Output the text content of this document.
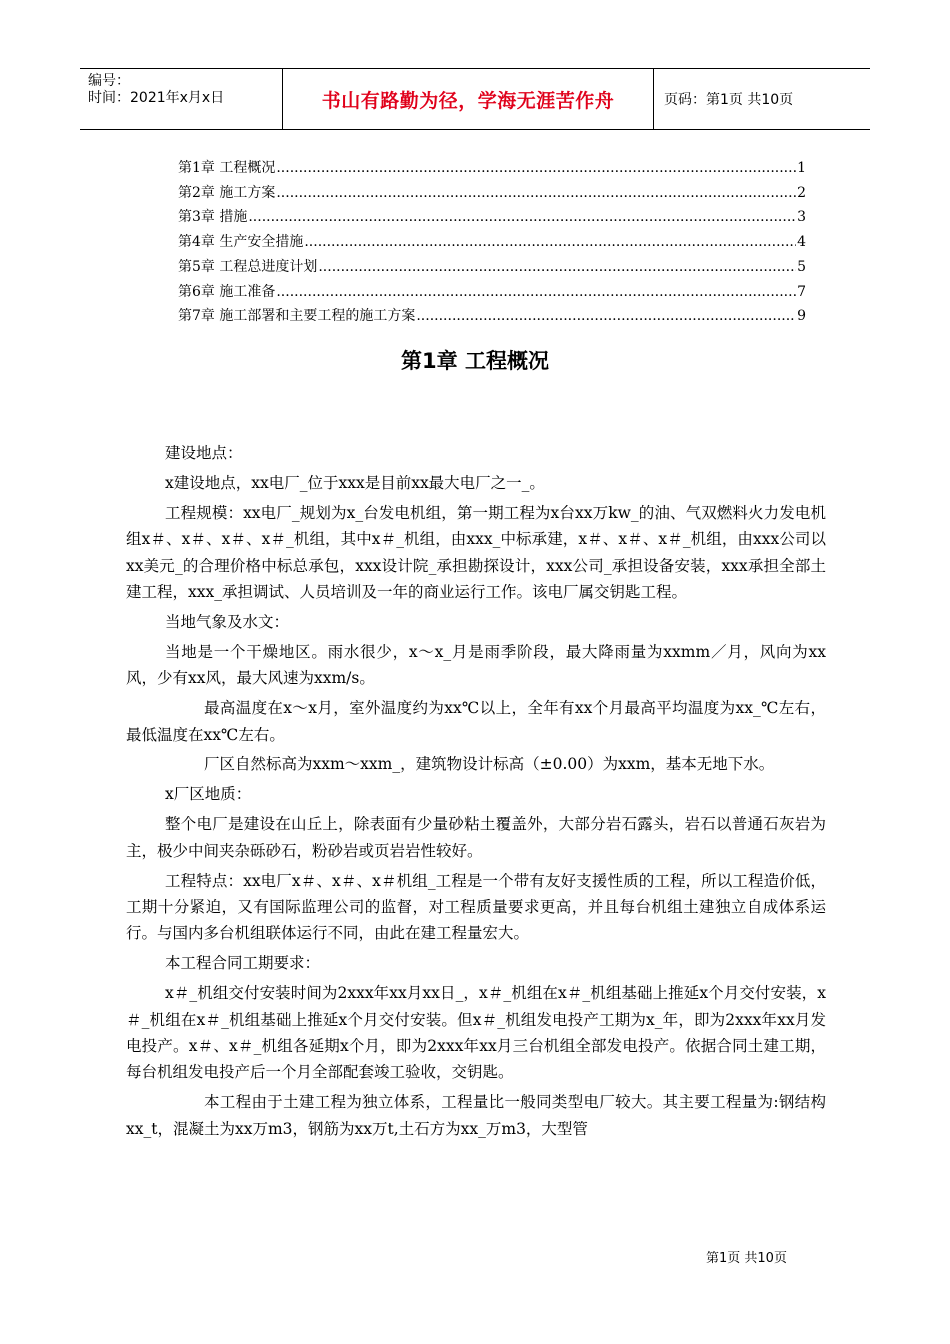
编号：
时间：2021年x月x日	书山有路勤为径，学海无涯苦作舟	页码：第1页 共10页
第1章 工程概况 .....	1
第2章 施工方案 .....	2
第3章 措施 .....	3
第4章 生产安全措施 .....	4
第5章 工程总进度计划 .....	5
第6章 施工准备 .....	7
第7章 施工部署和主要工程的施工方案 .....	9
第1章 工程概况

建设地点：

x建设地点，xx电厂_位于xxx是目前xx最大电厂之一_。

工程规模：xx电厂_规划为x_台发电机组，第一期工程为x台xx万kw_的油、气双燃料火力发电机组x＃、x＃、x＃、x＃_机组，其中x＃_机组，由xxx_中标承建，x＃、x＃、x＃_机组，由xxx公司以xx美元_的合理价格中标总承包，xxx设计院_承担勘探设计，xxx公司_承担设备安装，xxx承担全部土建工程，xxx_承担调试、人员培训及一年的商业运行工作。该电厂属交钥匙工程。

当地气象及水文：

当地是一个干燥地区。雨水很少，x～x_月是雨季阶段，最大降雨量为xxmm／月，风向为xx风，少有xx风，最大风速为xxm/s。

最高温度在x～x月，室外温度约为xx℃以上，全年有xx个月最高平均温度为xx_℃左右，最低温度在xx℃左右。

厂区自然标高为xxm～xxm_，建筑物设计标高（±0.00）为xxm，基本无地下水。

x厂区地质：

整个电厂是建设在山丘上，除表面有少量砂粘土覆盖外，大部分岩石露头，岩石以普通石灰岩为主，极少中间夹杂砾砂石，粉砂岩或页岩岩性较好。

工程特点：xx电厂x＃、x＃、x＃机组_工程是一个带有友好支援性质的工程，所以工程造价低，工期十分紧迫，又有国际监理公司的监督，对工程质量要求更高，并且每台机组土建独立自成体系运行。与国内多台机组联体运行不同，由此在建工程量宏大。

本工程合同工期要求：

x＃_机组交付安装时间为2xxx年xx月xx日_，x＃_机组在x＃_机组基础上推延x个月交付安装，x＃_机组在x＃_机组基础上推延x个月交付安装。但x＃_机组发电投产工期为x_年，即为2xxx年xx月发电投产。x＃、x＃_机组各延期x个月，即为2xxx年xx月三台机组全部发电投产。依据合同土建工期，每台机组发电投产后一个月全部配套竣工验收，交钥匙。

本工程由于土建工程为独立体系，工程量比一般同类型电厂较大。其主要工程量为:钢结构xx_t，混凝土为xx万m3，钢筋为xx万t,土石方为xx_万m3，大型管

第1页 共10页
